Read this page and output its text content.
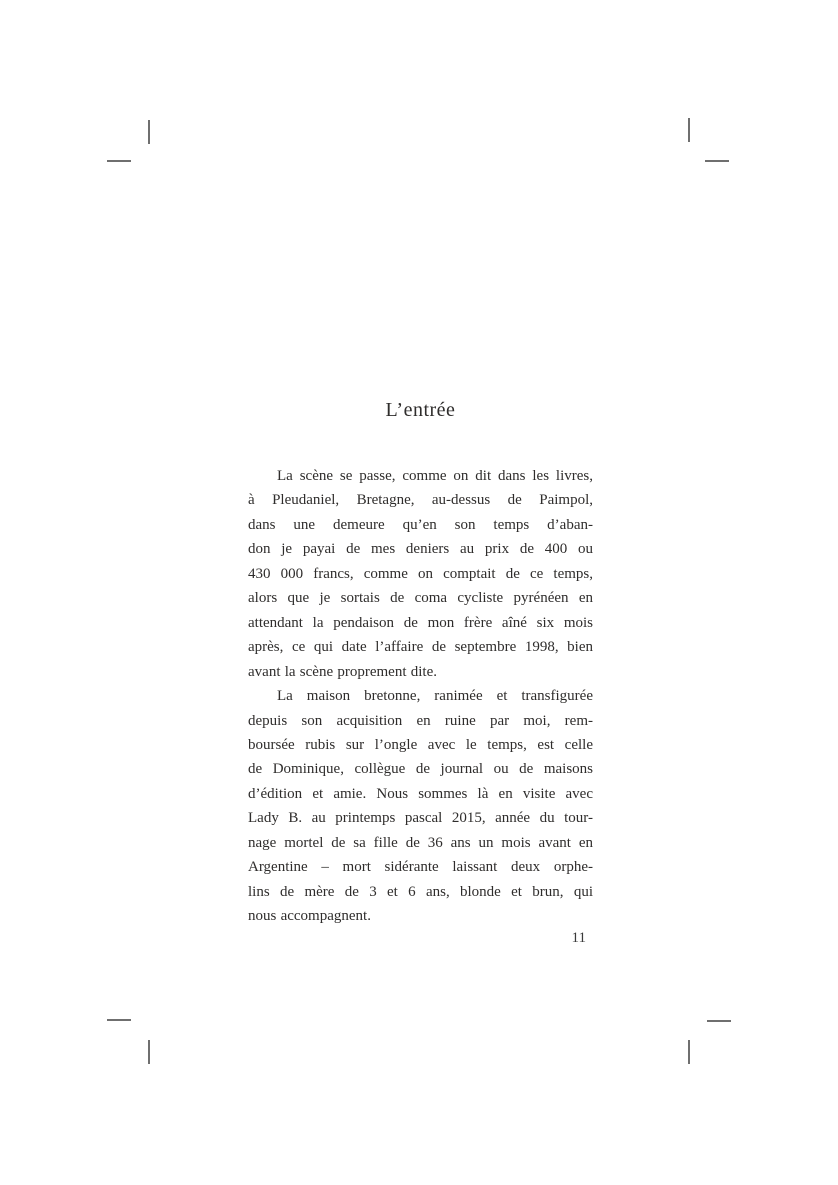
L’entrée
La scène se passe, comme on dit dans les livres,
à Pleudaniel, Bretagne, au-dessus de Paimpol,
dans une demeure qu’en son temps d’aban-
don je payai de mes deniers au prix de 400 ou
430 000 francs, comme on comptait de ce temps,
alors que je sortais de coma cycliste pyrénéen en
attendant la pendaison de mon frère aîné six mois
après, ce qui date l’affaire de septembre 1998, bien
avant la scène proprement dite.
La maison bretonne, ranimée et transfigurée
depuis son acquisition en ruine par moi, rem-
boursée rubis sur l’ongle avec le temps, est celle
de Dominique, collègue de journal ou de maisons
d’édition et amie. Nous sommes là en visite avec
Lady B. au printemps pascal 2015, année du tour-
nage mortel de sa fille de 36 ans un mois avant en
Argentine – mort sidérante laissant deux orphe-
lins de mère de 3 et 6 ans, blonde et brun, qui
nous accompagnent.
11
